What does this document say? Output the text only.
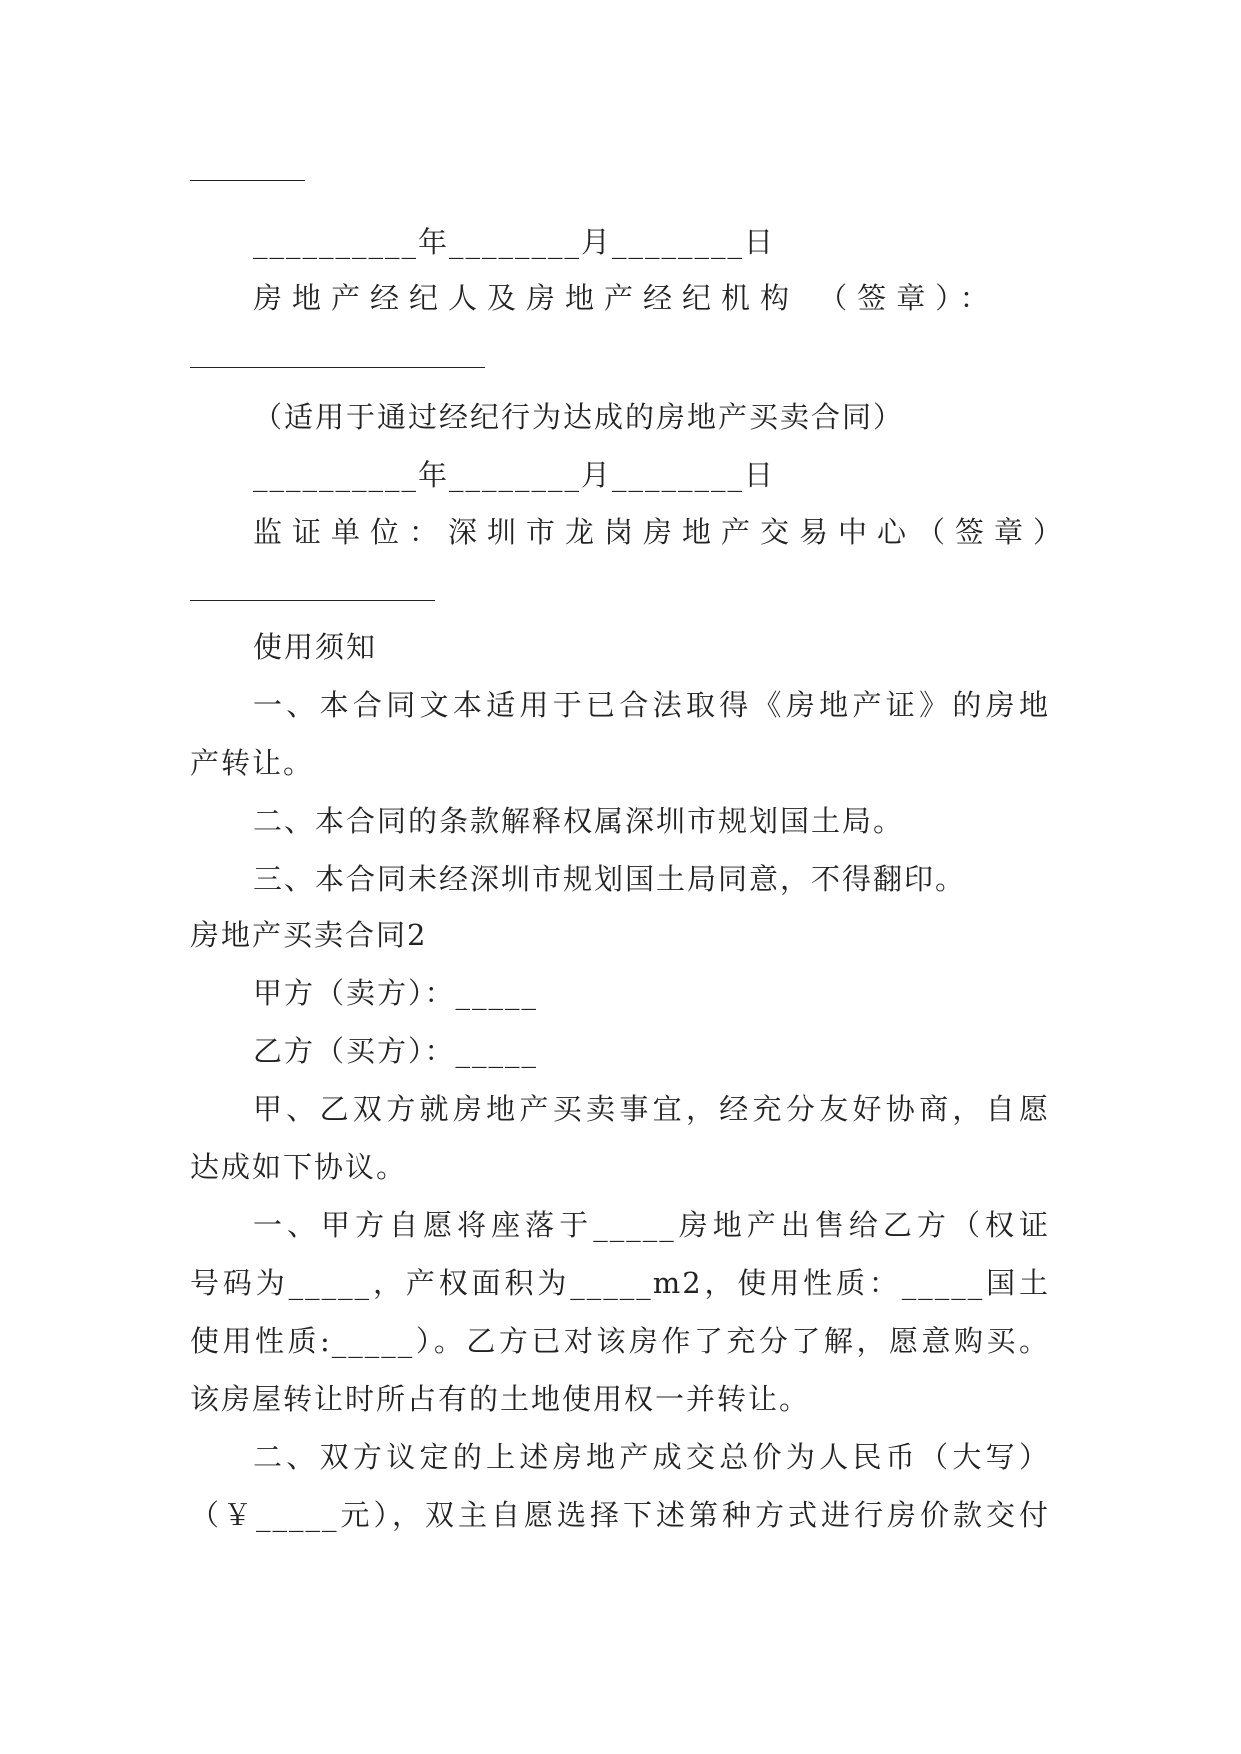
__________年________月________日
房地产经纪人及房地产经纪机构 （签章）：
（适用于通过经纪行为达成的房地产买卖合同）
__________年________月________日
监证单位：深圳市龙岗房地产交易中心（签章）
使用须知
一、本合同文本适用于已合法取得《房地产证》的房地
产转让。
二、本合同的条款解释权属深圳市规划国土局。
三、本合同未经深圳市规划国土局同意，不得翻印。
房地产买卖合同2
甲方（卖方）：_____
乙方（买方）：_____
甲、乙双方就房地产买卖事宜，经充分友好协商，自愿
达成如下协议。
一、甲方自愿将座落于_____房地产出售给乙方（权证
号码为_____，产权面积为_____m2，使用性质：_____国土
使用性质:_____）。乙方已对该房作了充分了解，愿意购买。
该房屋转让时所占有的土地使用权一并转让。
二、双方议定的上述房地产成交总价为人民币（大写）
（￥_____元），双主自愿选择下述第种方式进行房价款交付
